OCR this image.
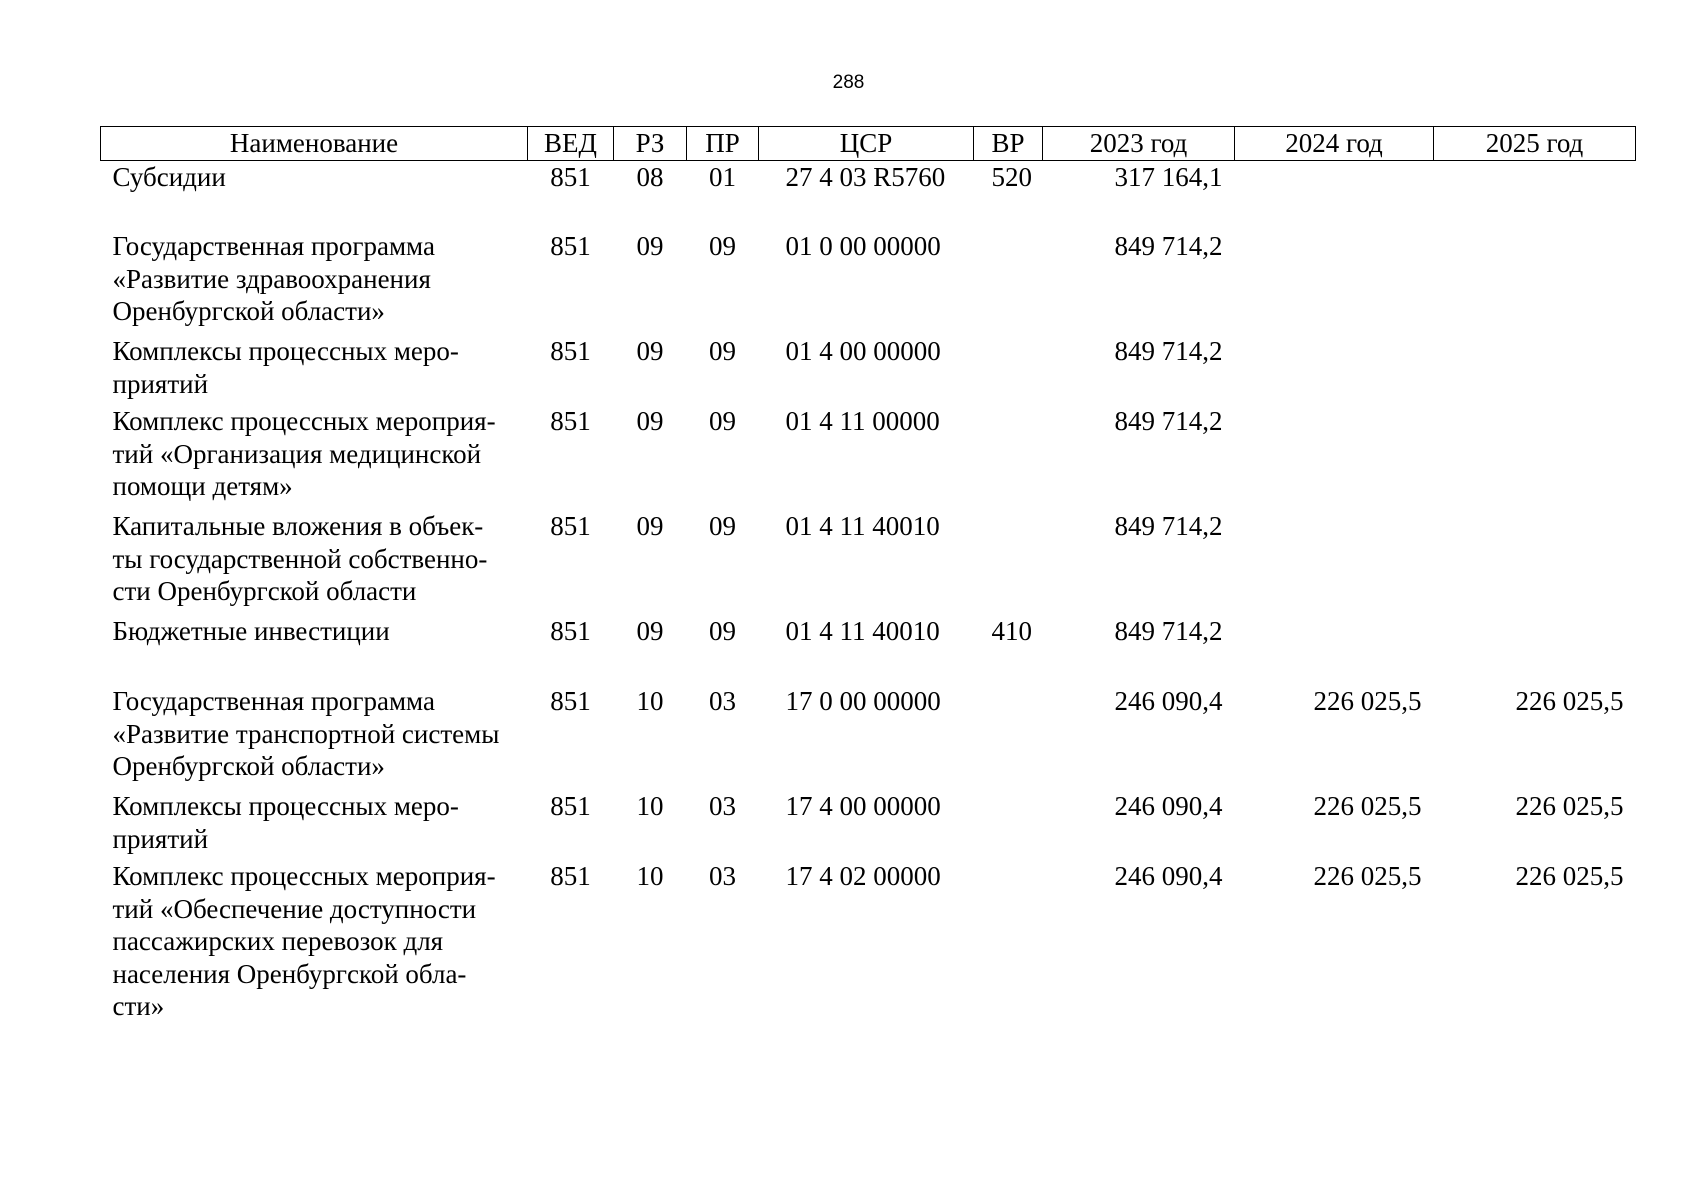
288
Наименование	ВЕД	РЗ	ПР	ЦСР	ВР	2023 год	2024 год	2025 год

Субсидии	851	08	01	27 4 03 R5760	520	317 164,1		

Государственная программа
«Развитие здравоохранения
Оренбургской области»	851	09	09	01 0 00 00000		849 714,2		

Комплексы процессных меро-
приятий	851	09	09	01 4 00 00000		849 714,2		

Комплекс процессных мероприя-
тий «Организация медицинской
помощи детям»	851	09	09	01 4 11 00000		849 714,2		

Капитальные вложения в объек-
ты государственной собственно-
сти Оренбургской области	851	09	09	01 4 11 40010		849 714,2		

Бюджетные инвестиции	851	09	09	01 4 11 40010	410	849 714,2		

Государственная программа
«Развитие транспортной системы
Оренбургской области»	851	10	03	17 0 00 00000		246 090,4	226 025,5	226 025,5

Комплексы процессных меро-
приятий	851	10	03	17 4 00 00000		246 090,4	226 025,5	226 025,5

Комплекс процессных мероприя-
тий «Обеспечение доступности
пассажирских перевозок для
населения Оренбургской обла-
сти»	851	10	03	17 4 02 00000		246 090,4	226 025,5	226 025,5
